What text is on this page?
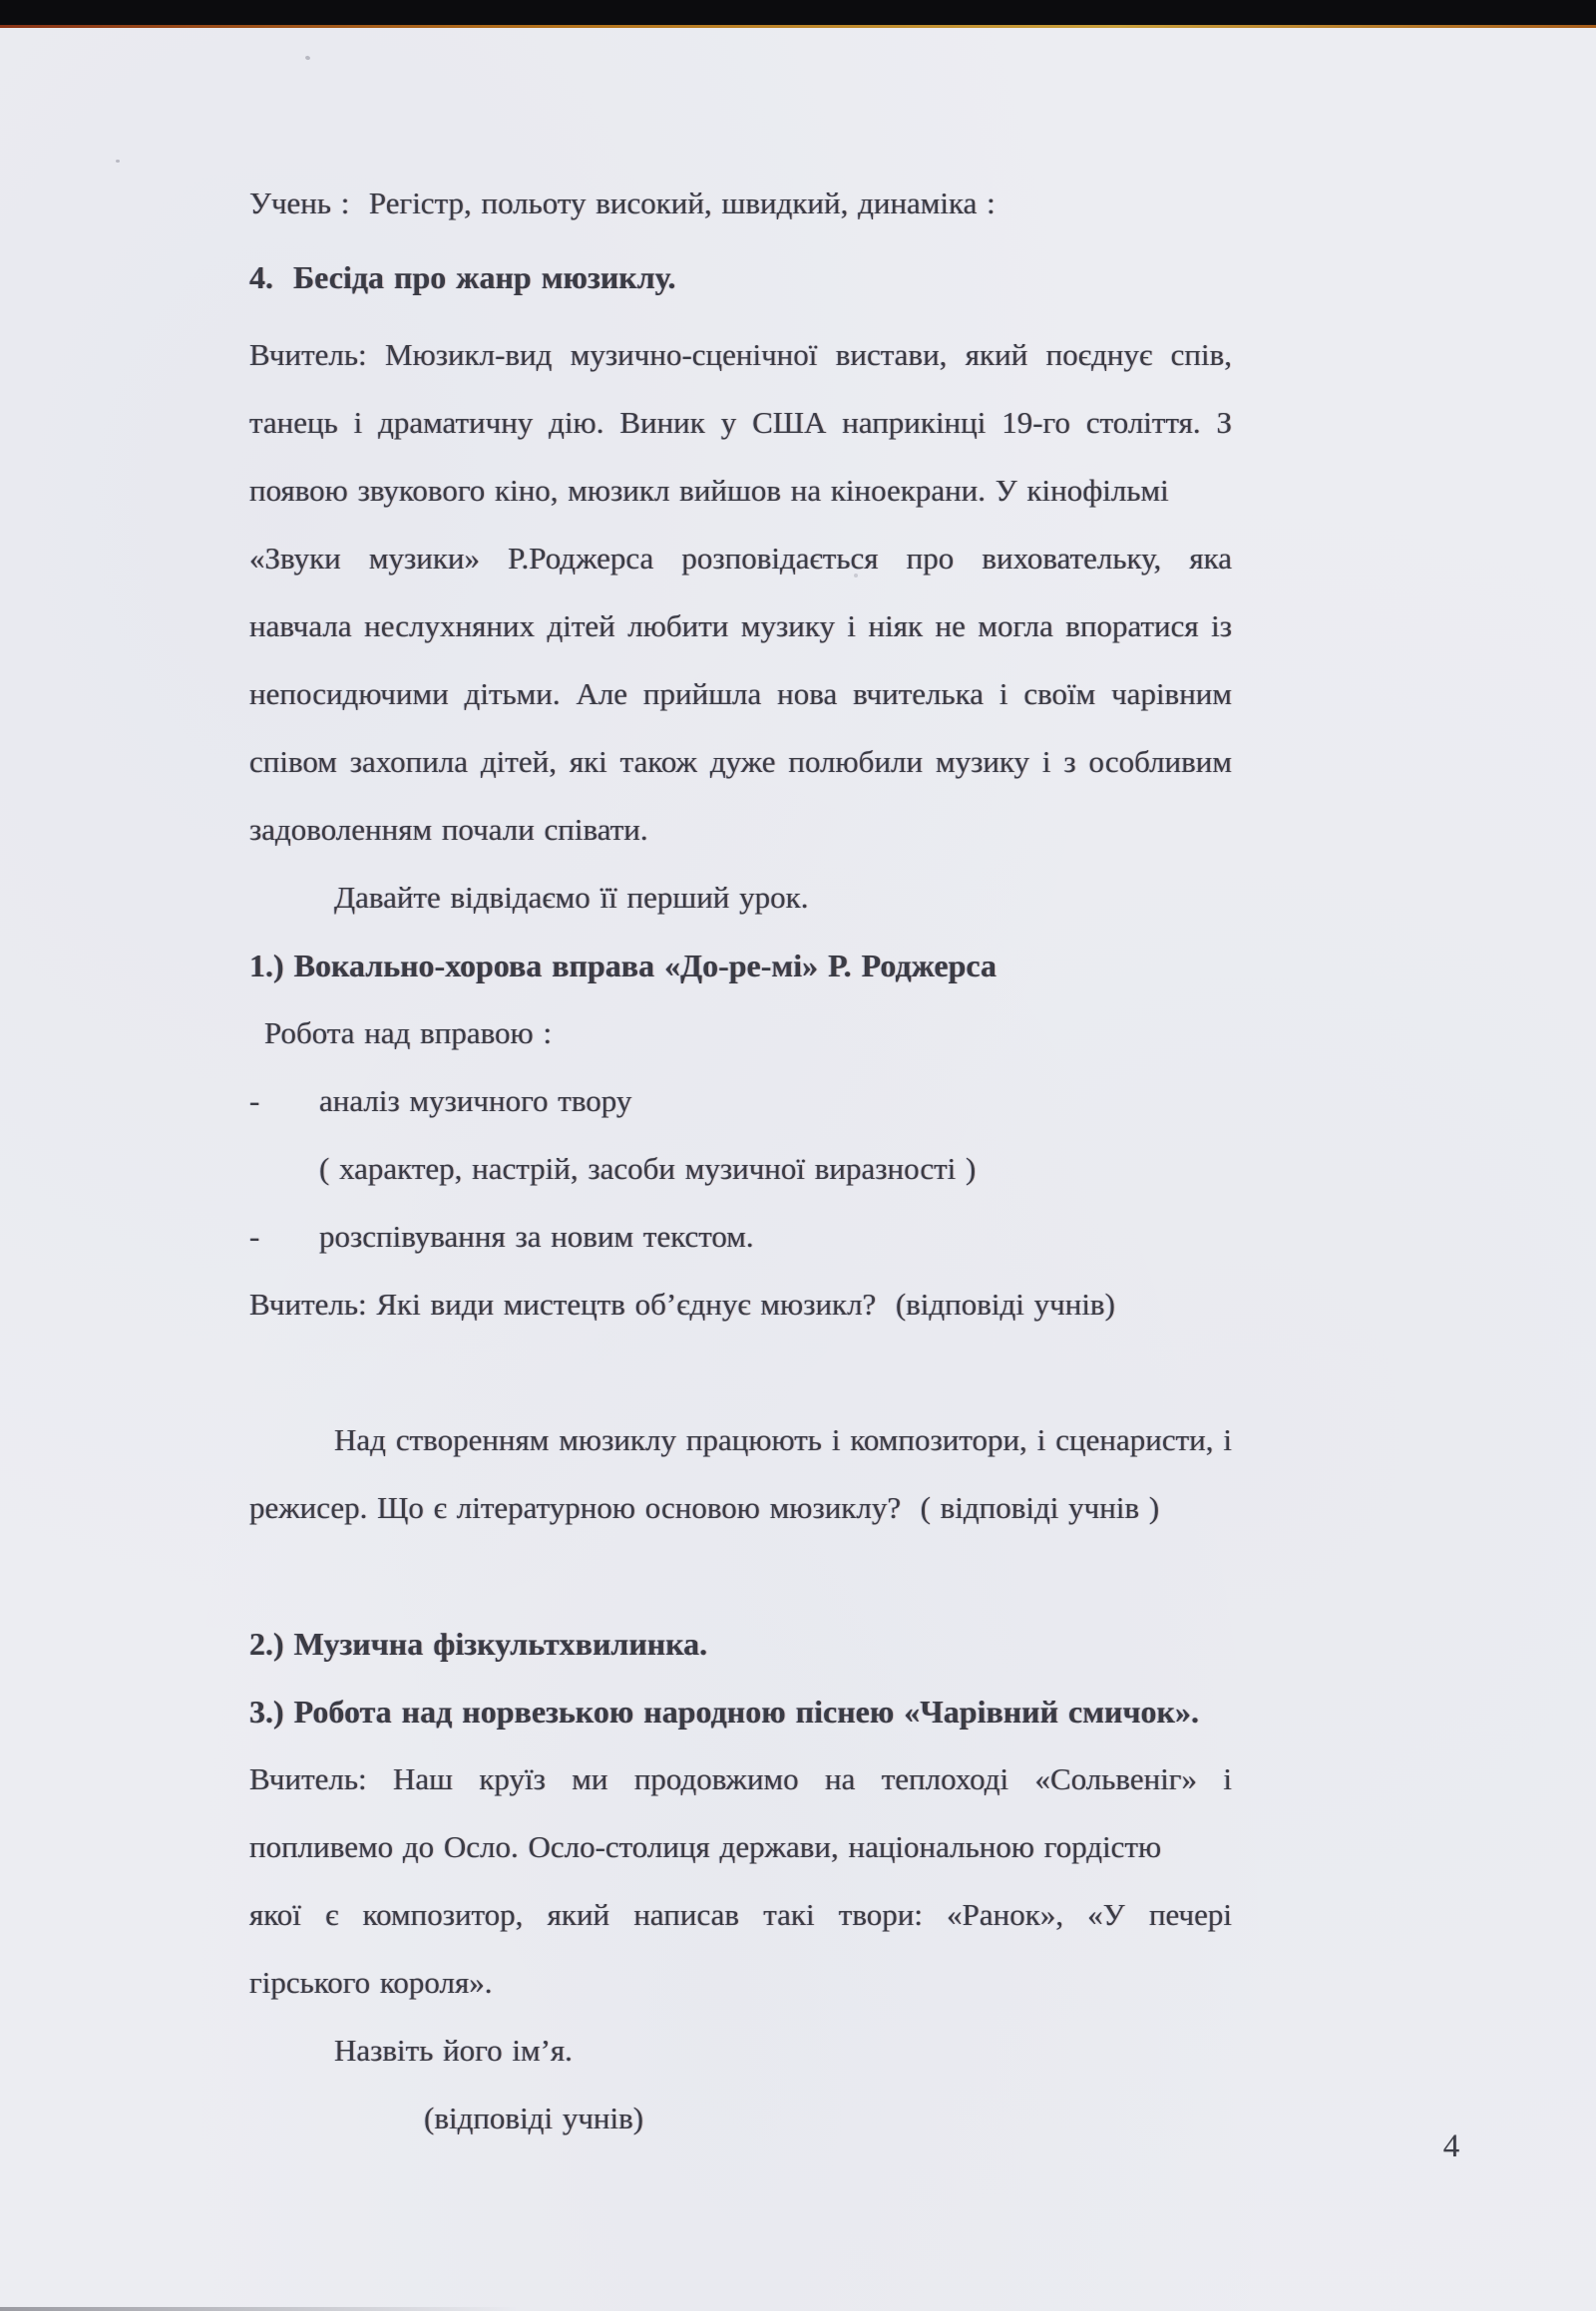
Учень :  Регістр, польоту високий, швидкий, динаміка :
4.  Бесіда про жанр мюзиклу.
Вчитель: Мюзикл-вид музично-сценічної вистави, який поєднує спів,
танець і драматичну дію. Виник у США наприкінці 19-го століття. З
появою звукового кіно, мюзикл вийшов на кіноекрани. У кінофільмі
«Звуки музики» Р.Роджерса розповідається про виховательку, яка
навчала неслухняних дітей любити музику і ніяк не могла впоратися із
непосидючими дітьми. Але прийшла нова вчителька і своїм чарівним
співом захопила дітей, які також дуже полюбили музику і з особливим
задоволенням почали співати.
Давайте відвідаємо її перший урок.
1.) Вокально-хорова вправа «До-ре-мі» Р. Роджерса
Робота над вправою :
- аналіз музичного твору
( характер, настрій, засоби музичної виразності )
- розспівування за новим текстом.
Вчитель: Які види мистецтв об’єднує мюзикл?  (відповіді учнів)
Над створенням мюзиклу працюють і композитори, і сценаристи, і
режисер. Що є літературною основою мюзиклу?  ( відповіді учнів )
2.) Музична фізкультхвилинка.
3.) Робота над норвезькою народною піснею «Чарівний смичок».
Вчитель: Наш круїз ми продовжимо на теплоході «Сольвеніг» і
попливемо до Осло. Осло-столиця держави, національною гордістю
якої є композитор, який написав такі твори: «Ранок», «У печері
гірського короля».
Назвіть його ім’я.
(відповіді учнів)
4
